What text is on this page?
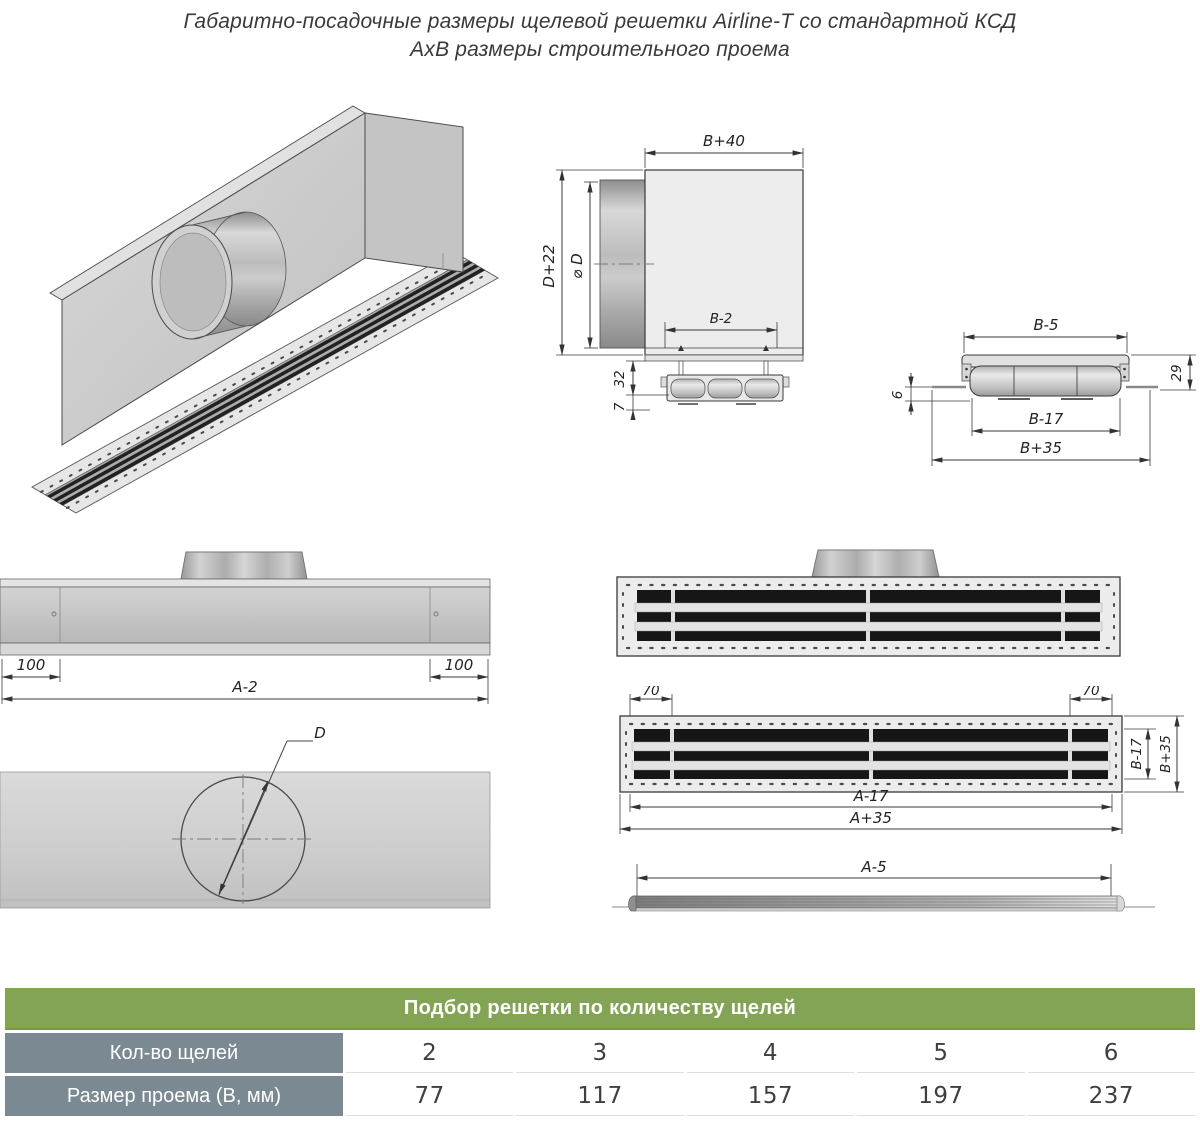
Габаритно-посадочные размеры щелевой решетки Airline-T со стандартной КСД
АхВ размеры строительного проема
B+40
D+22 ⌀ D
B-2
32
7
B-5
6
29
B-17
B+35
100	100
A-2
D
70	70
B-17 B+35
A-17
A+35
A-5
Подбор решетки по количеству щелей
Кол-во щелей	2	3	4	5	6
Размер проема (В, мм)	77	117	157	197	237
